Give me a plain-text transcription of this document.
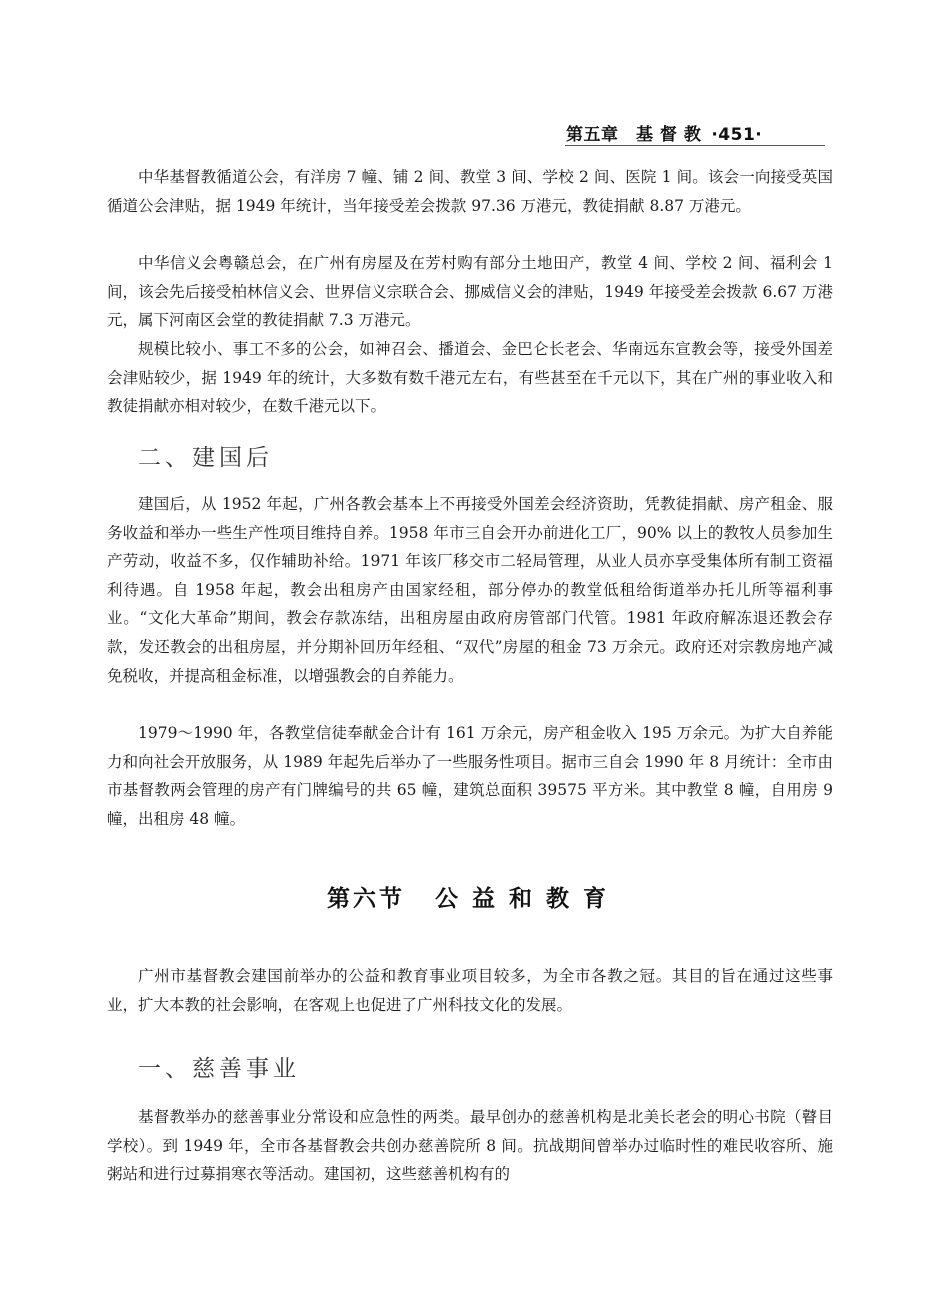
第五章　基 督 教 ·451·

中华基督教循道公会，有洋房 7 幢、铺 2 间、教堂 3 间、学校 2 间、医院 1 间。该会一向接受英国循道公会津贴，据 1949 年统计，当年接受差会拨款 97.36 万港元，教徒捐献 8.87 万港元。

中华信义会粤赣总会，在广州有房屋及在芳村购有部分土地田产，教堂 4 间、学校 2 间、福利会 1 间，该会先后接受柏林信义会、世界信义宗联合会、挪威信义会的津贴，1949 年接受差会拨款 6.67 万港元，属下河南区会堂的教徒捐献 7.3 万港元。

规模比较小、事工不多的公会，如神召会、播道会、金巴仑长老会、华南远东宣教会等，接受外国差会津贴较少，据 1949 年的统计，大多数有数千港元左右，有些甚至在千元以下，其在广州的事业收入和教徒捐献亦相对较少，在数千港元以下。

二、建国后

建国后，从 1952 年起，广州各教会基本上不再接受外国差会经济资助，凭教徒捐献、房产租金、服务收益和举办一些生产性项目维持自养。1958 年市三自会开办前进化工厂，90% 以上的教牧人员参加生产劳动，收益不多，仅作辅助补给。1971 年该厂移交市二轻局管理，从业人员亦享受集体所有制工资福利待遇。自 1958 年起，教会出租房产由国家经租，部分停办的教堂低租给街道举办托儿所等福利事业。“文化大革命”期间，教会存款冻结，出租房屋由政府房管部门代管。1981 年政府解冻退还教会存款，发还教会的出租房屋，并分期补回历年经租、“双代”房屋的租金 73 万余元。政府还对宗教房地产减免税收，并提高租金标准，以增强教会的自养能力。

1979～1990 年，各教堂信徒奉献金合计有 161 万余元，房产租金收入 195 万余元。为扩大自养能力和向社会开放服务，从 1989 年起先后举办了一些服务性项目。据市三自会 1990 年 8 月统计：全市由市基督教两会管理的房产有门牌编号的共 65 幢，建筑总面积 39575 平方米。其中教堂 8 幢，自用房 9 幢，出租房 48 幢。

第六节 公 益 和 教 育

广州市基督教会建国前举办的公益和教育事业项目较多，为全市各教之冠。其目的旨在通过这些事业，扩大本教的社会影响，在客观上也促进了广州科技文化的发展。

一、慈善事业

基督教举办的慈善事业分常设和应急性的两类。最早创办的慈善机构是北美长老会的明心书院（瞽目学校）。到 1949 年，全市各基督教会共创办慈善院所 8 间。抗战期间曾举办过临时性的难民收容所、施粥站和进行过募捐寒衣等活动。建国初，这些慈善机构有的
